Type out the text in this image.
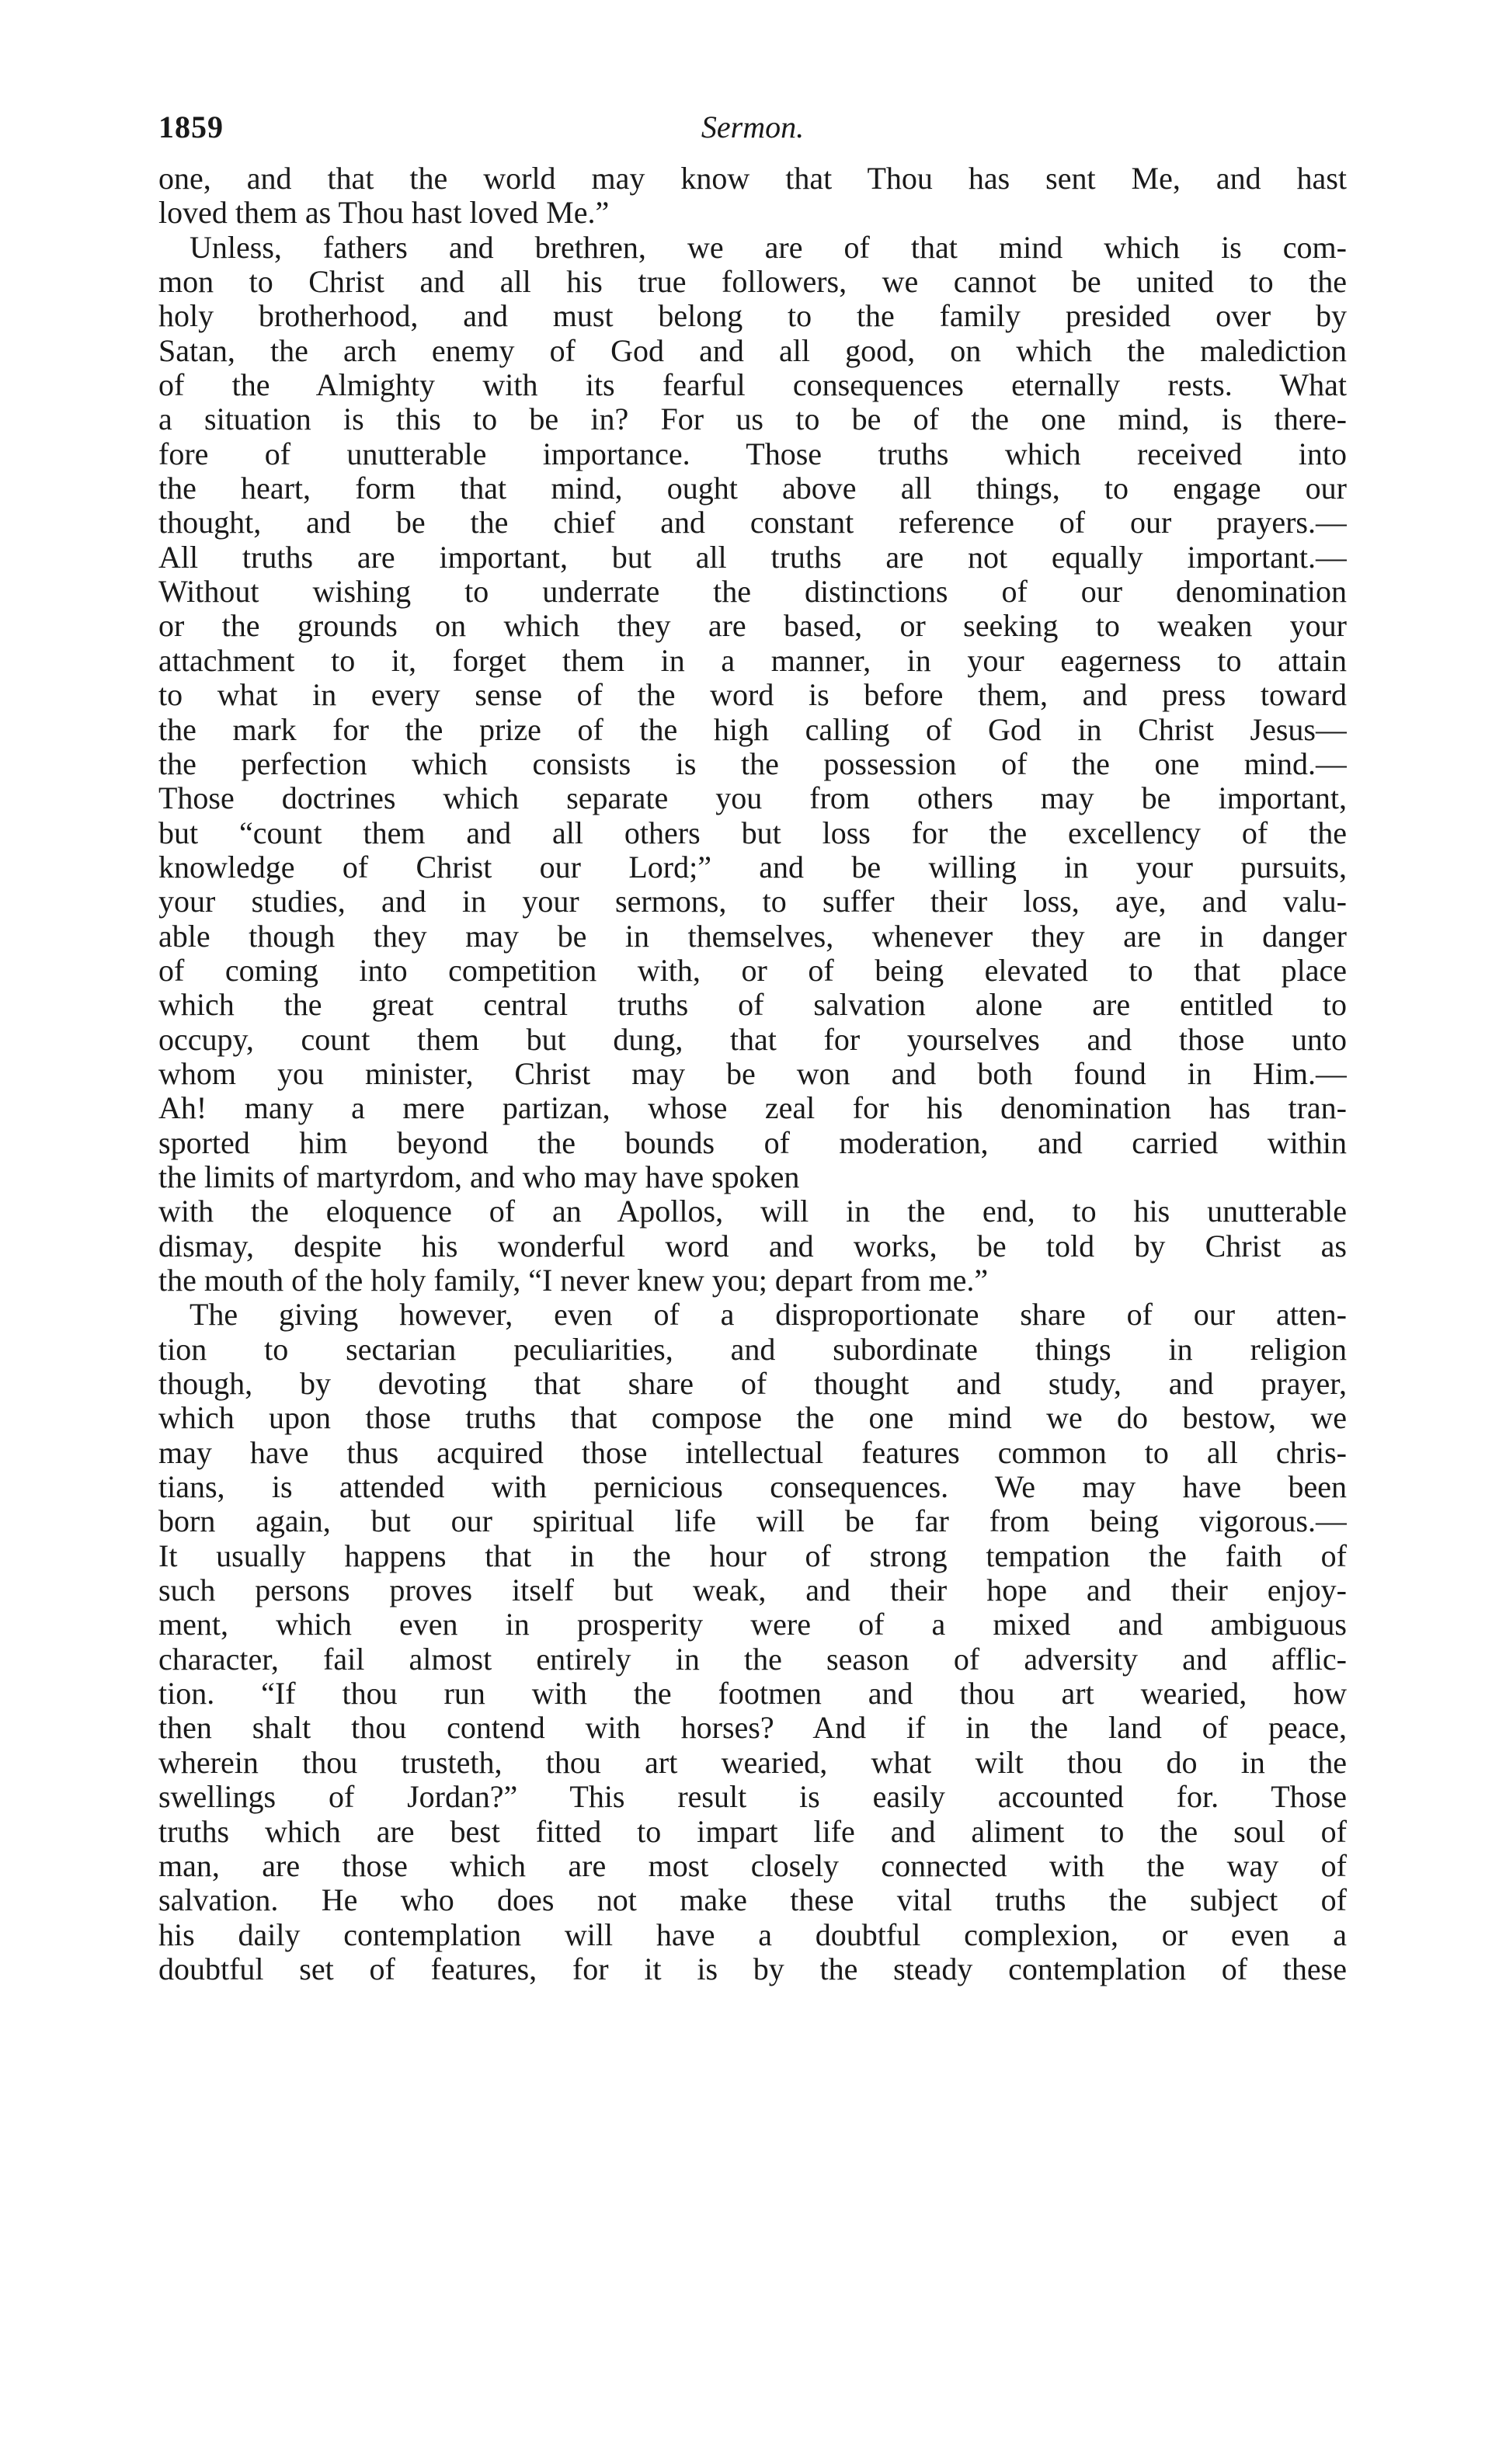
1859	Sermon.
one, and that the world may know that Thou has sent Me, and hast
loved them as Thou hast loved Me.”
Unless, fathers and brethren, we are of that mind which is com-
mon to Christ and all his true followers, we cannot be united to the
holy brotherhood, and must belong to the family presided over by
Satan, the arch enemy of God and all good, on which the malediction
of the Almighty with its fearful consequences eternally rests. What
a situation is this to be in? For us to be of the one mind, is there-
fore of unutterable importance. Those truths which received into
the heart, form that mind, ought above all things, to engage our
thought, and be the chief and constant reference of our prayers.—
All truths are important, but all truths are not equally important.—
Without wishing to underrate the distinctions of our denomination
or the grounds on which they are based, or seeking to weaken your
attachment to it, forget them in a manner, in your eagerness to attain
to what in every sense of the word is before them, and press toward
the mark for the prize of the high calling of God in Christ Jesus—
the perfection which consists is the possession of the one mind.—
Those doctrines which separate you from others may be important,
but “count them and all others but loss for the excellency of the
knowledge of Christ our Lord;” and be willing in your pursuits,
your studies, and in your sermons, to suffer their loss, aye, and valu-
able though they may be in themselves, whenever they are in danger
of coming into competition with, or of being elevated to that place
which the great central truths of salvation alone are entitled to
occupy, count them but dung, that for yourselves and those unto
whom you minister, Christ may be won and both found in Him.—
Ah! many a mere partizan, whose zeal for his denomination has tran-
sported him beyond the bounds of moderation, and carried within
the limits of martyrdom, and who may have spoken
with the eloquence of an Apollos, will in the end, to his unutterable
dismay, despite his wonderful word and works, be told by Christ as
the mouth of the holy family, “I never knew you; depart from me.”
The giving however, even of a disproportionate share of our atten-
tion to sectarian peculiarities, and subordinate things in religion
though, by devoting that share of thought and study, and prayer,
which upon those truths that compose the one mind we do bestow, we
may have thus acquired those intellectual features common to all chris-
tians, is attended with pernicious consequences. We may have been
born again, but our spiritual life will be far from being vigorous.—
It usually happens that in the hour of strong tempation the faith of
such persons proves itself but weak, and their hope and their enjoy-
ment, which even in prosperity were of a mixed and ambiguous
character, fail almost entirely in the season of adversity and afflic-
tion. “If thou run with the footmen and thou art wearied, how
then shalt thou contend with horses? And if in the land of peace,
wherein thou trusteth, thou art wearied, what wilt thou do in the
swellings of Jordan?” This result is easily accounted for. Those
truths which are best fitted to impart life and aliment to the soul of
man, are those which are most closely connected with the way of
salvation. He who does not make these vital truths the subject of
his daily contemplation will have a doubtful complexion, or even a
doubtful set of features, for it is by the steady contemplation of these
